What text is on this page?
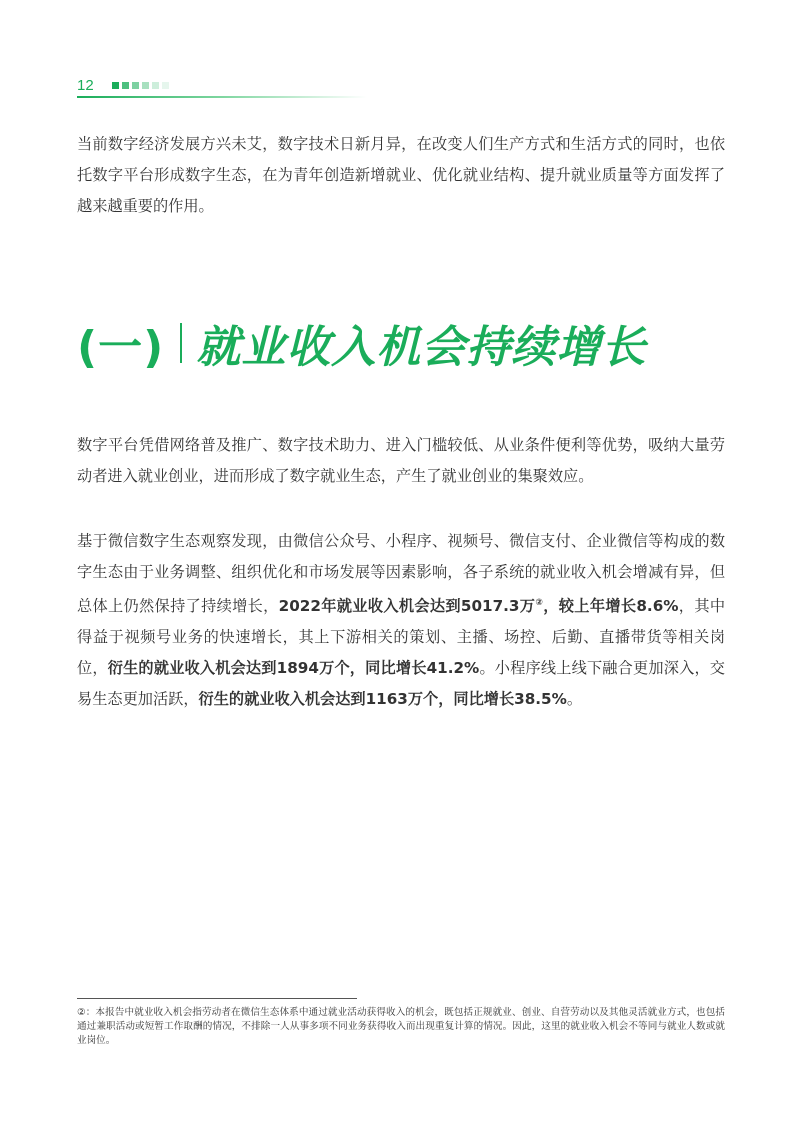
12

当前数字经济发展方兴未艾，数字技术日新月异，在改变人们生产方式和生活方式的同时，也依托数字平台形成数字生态，在为青年创造新增就业、优化就业结构、提升就业质量等方面发挥了越来越重要的作用。

(一) 就业收入机会持续增长

数字平台凭借网络普及推广、数字技术助力、进入门槛较低、从业条件便利等优势，吸纳大量劳动者进入就业创业，进而形成了数字就业生态，产生了就业创业的集聚效应。

基于微信数字生态观察发现，由微信公众号、小程序、视频号、微信支付、企业微信等构成的数字生态由于业务调整、组织优化和市场发展等因素影响，各子系统的就业收入机会增减有异，但总体上仍然保持了持续增长，2022年就业收入机会达到5017.3万②，较上年增长8.6%，其中得益于视频号业务的快速增长，其上下游相关的策划、主播、场控、后勤、直播带货等相关岗位，衍生的就业收入机会达到1894万个，同比增长41.2%。小程序线上线下融合更加深入，交易生态更加活跃，衍生的就业收入机会达到1163万个，同比增长38.5%。

②：本报告中就业收入机会指劳动者在微信生态体系中通过就业活动获得收入的机会，既包括正规就业、创业、自营劳动以及其他灵活就业方式，也包括通过兼职活动或短暂工作取酬的情况，不排除一人从事多项不同业务获得收入而出现重复计算的情况。因此，这里的就业收入机会不等同与就业人数或就业岗位。
